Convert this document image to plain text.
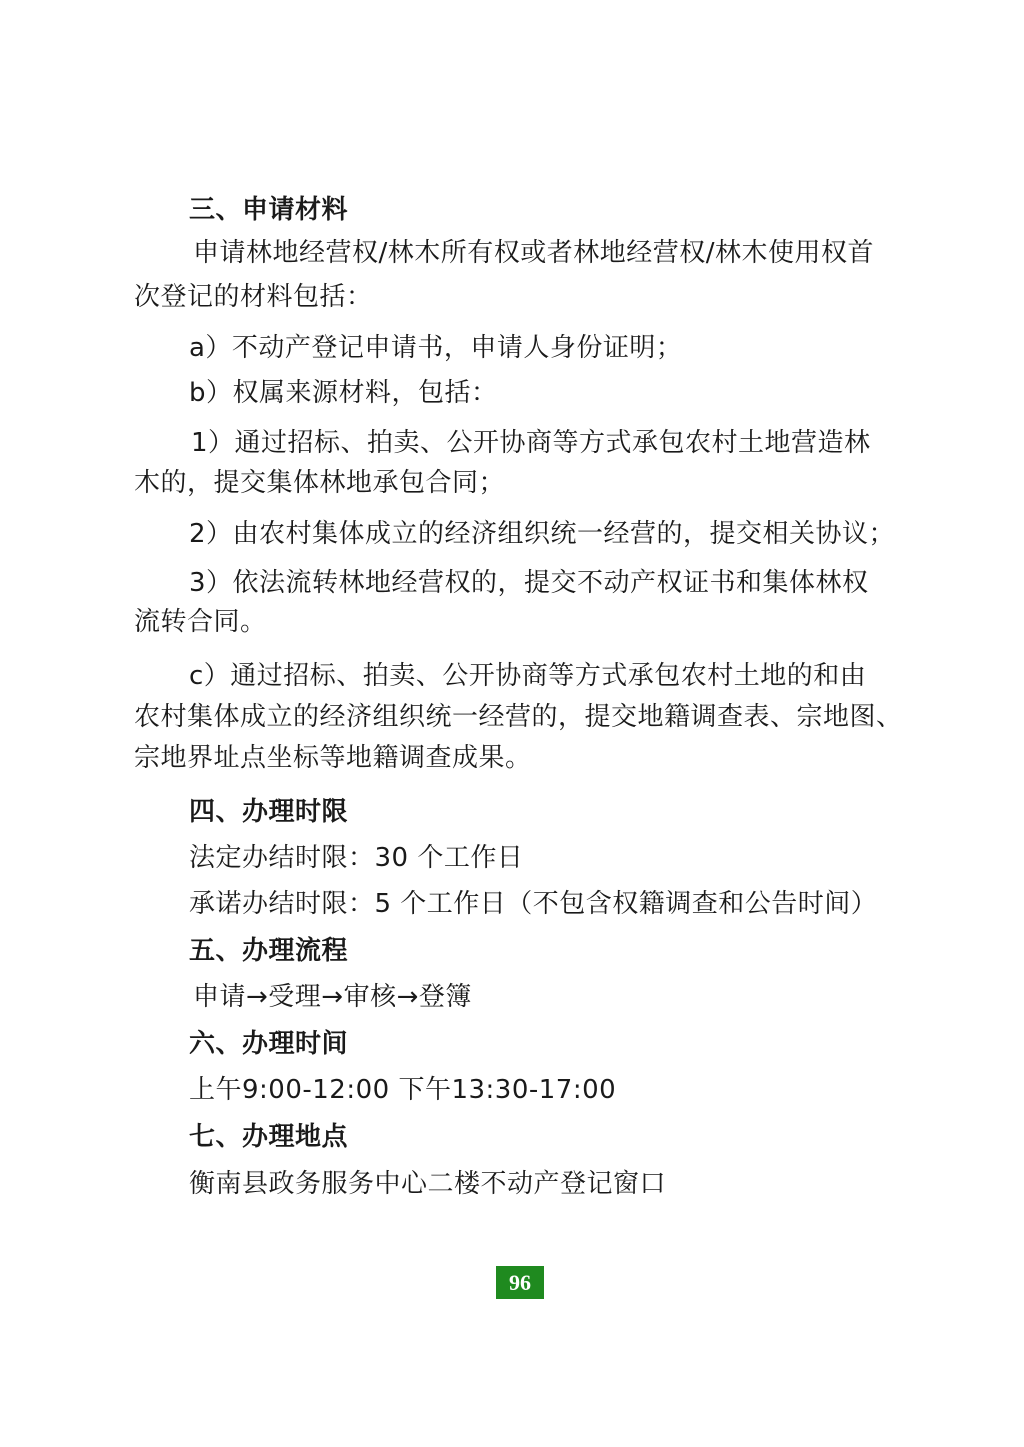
三、申请材料
申请林地经营权/林木所有权或者林地经营权/林木使用权首
次登记的材料包括：
a）不动产登记申请书，申请人身份证明；
b）权属来源材料，包括：
1）通过招标、拍卖、公开协商等方式承包农村土地营造林
木的，提交集体林地承包合同；
2）由农村集体成立的经济组织统一经营的，提交相关协议；
3）依法流转林地经营权的，提交不动产权证书和集体林权
流转合同。
c）通过招标、拍卖、公开协商等方式承包农村土地的和由
农村集体成立的经济组织统一经营的，提交地籍调查表、宗地图、
宗地界址点坐标等地籍调查成果。
四、办理时限
法定办结时限：30 个工作日
承诺办结时限：5 个工作日（不包含权籍调查和公告时间）
五、办理流程
申请→受理→审核→登簿
六、办理时间
上午9:00-12:00 下午13:30-17:00
七、办理地点
衡南县政务服务中心二楼不动产登记窗口
96
